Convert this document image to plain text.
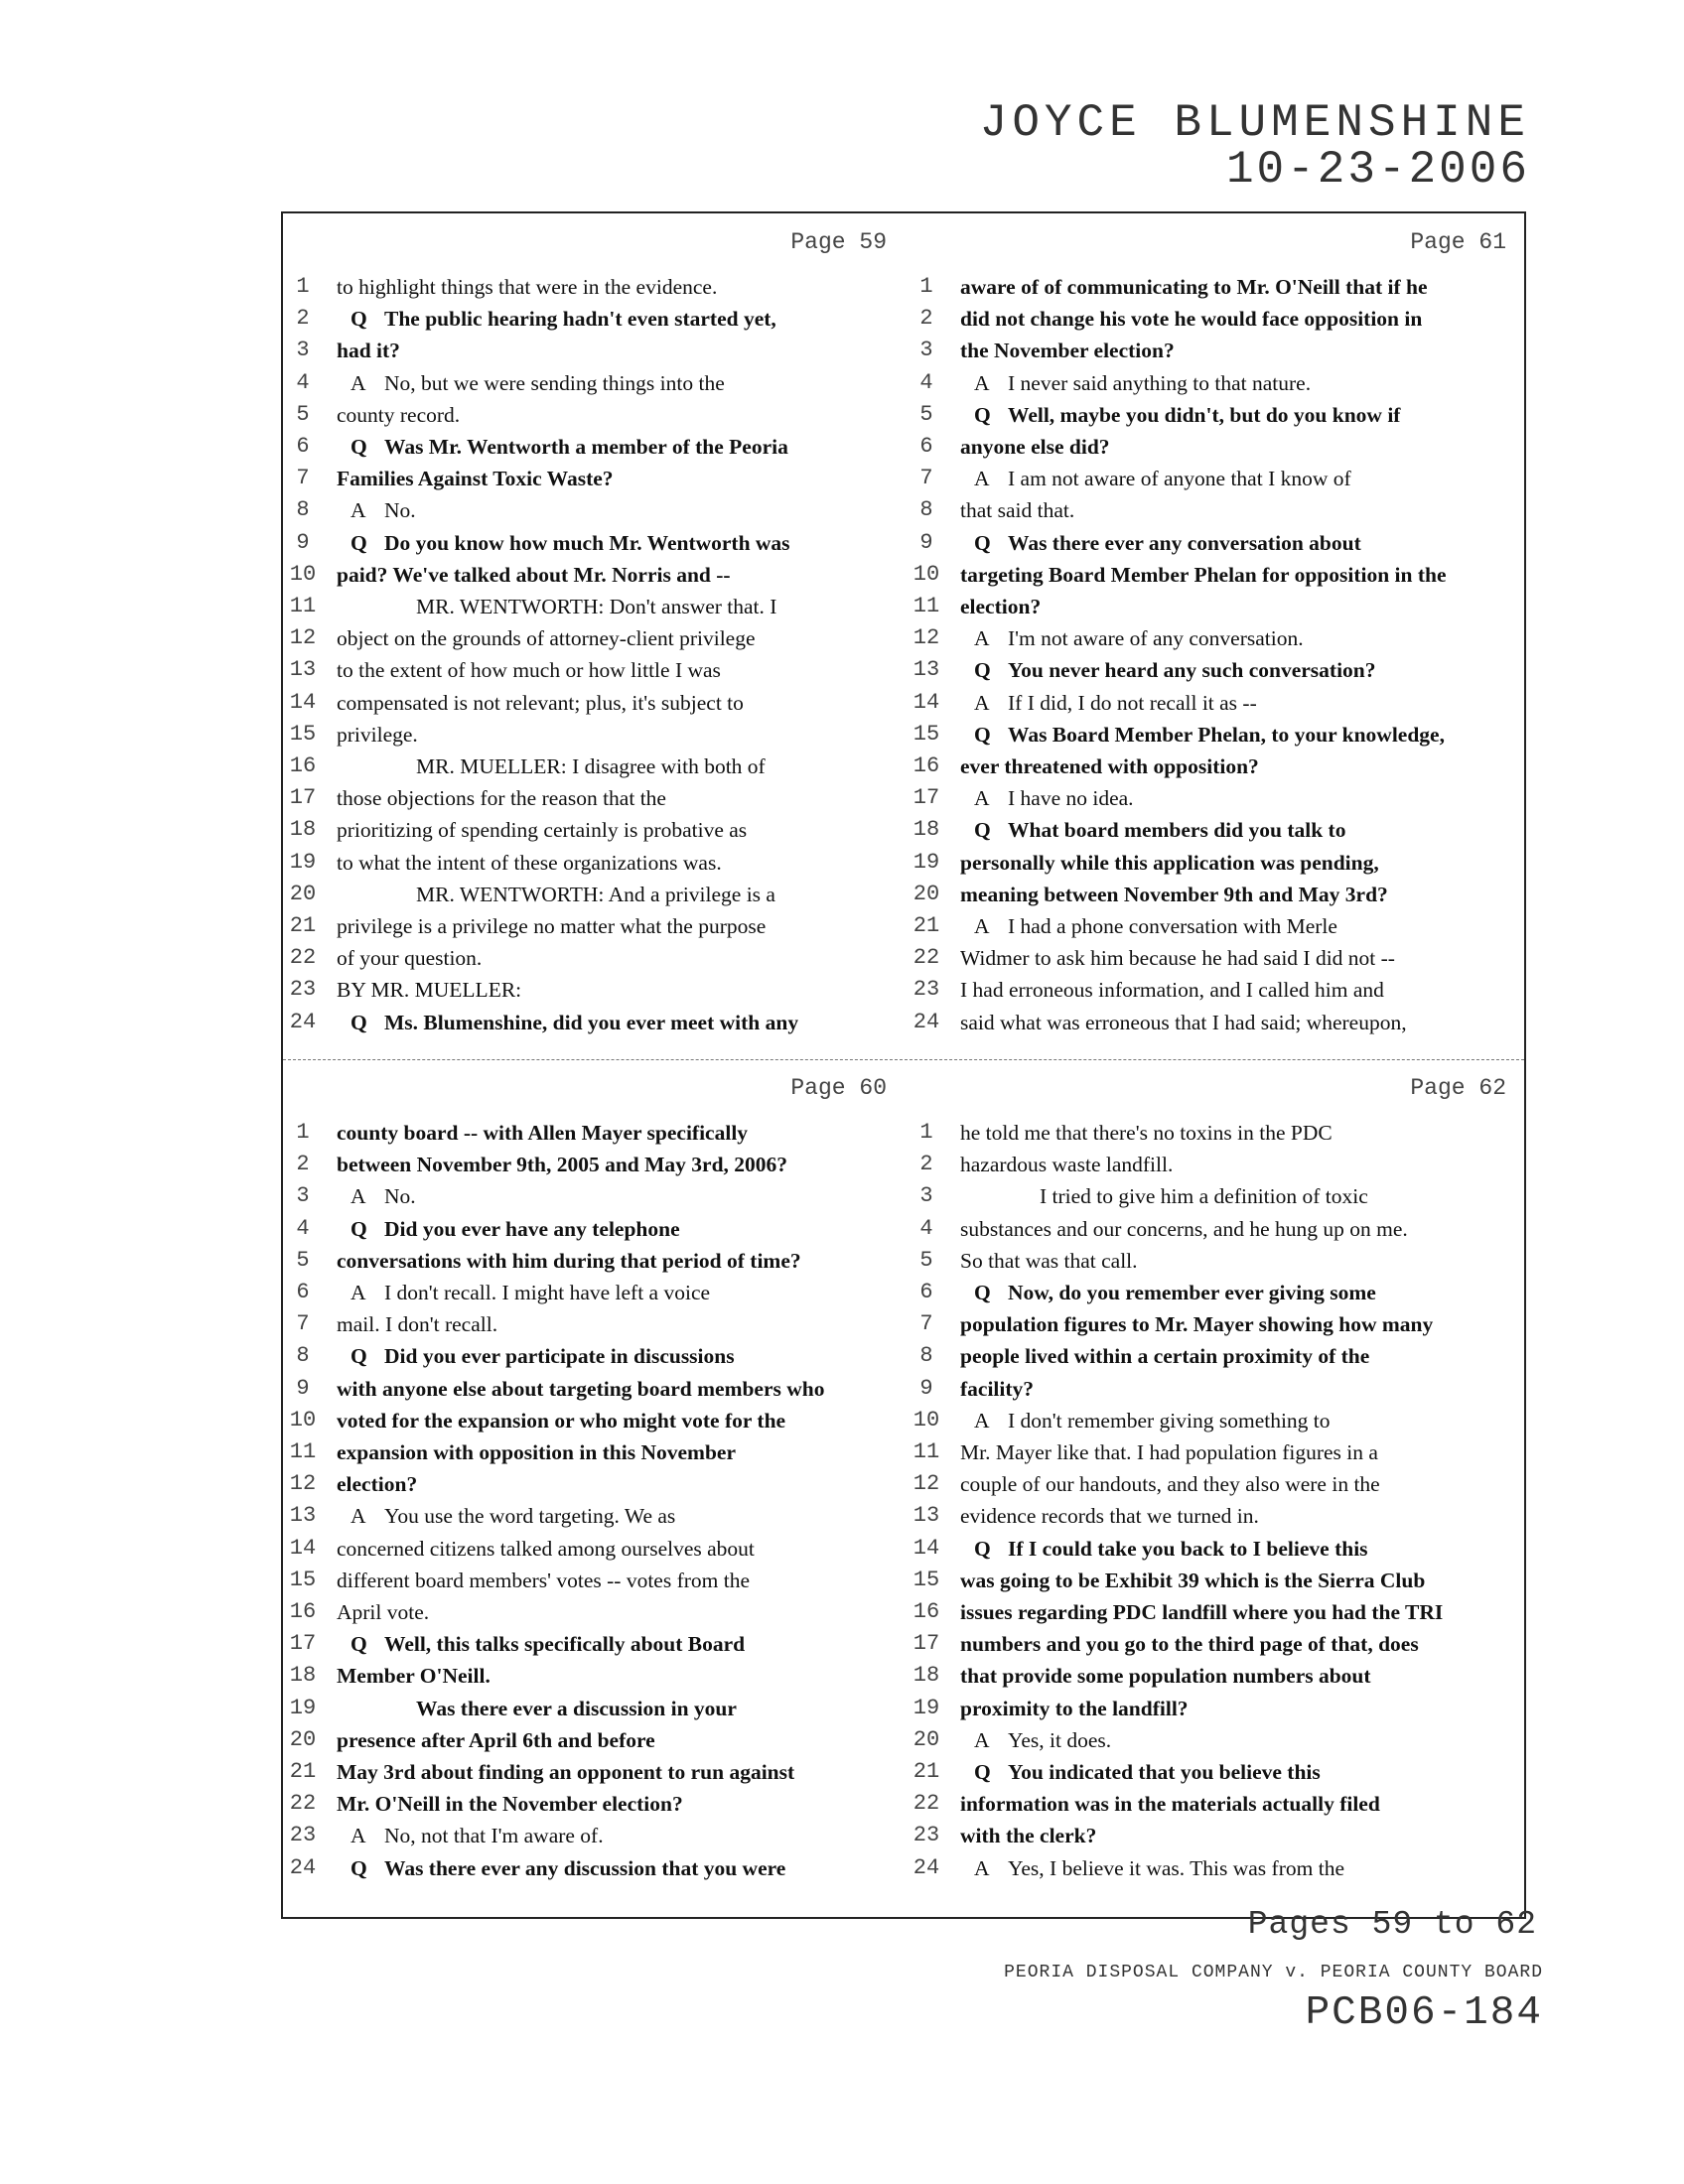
JOYCE BLUMENSHINE
10-23-2006
Page 59
1	to highlight things that were in the evidence.
2	Q The public hearing hadn't even started yet,
3	had it?
4	A No, but we were sending things into the
5	county record.
6	Q Was Mr. Wentworth a member of the Peoria
7	Families Against Toxic Waste?
8	A No.
9	Q Do you know how much Mr. Wentworth was
10 paid? We've talked about Mr. Norris and --
11	MR. WENTWORTH: Don't answer that. I
12 object on the grounds of attorney-client privilege
13 to the extent of how much or how little I was
14 compensated is not relevant; plus, it's subject to
15 privilege.
16	MR. MUELLER: I disagree with both of
17 those objections for the reason that the
18 prioritizing of spending certainly is probative as
19 to what the intent of these organizations was.
20	MR. WENTWORTH: And a privilege is a
21 privilege is a privilege no matter what the purpose
22 of your question.
23 BY MR. MUELLER:
24	Q Ms. Blumenshine, did you ever meet with any
Page 61
1	aware of of communicating to Mr. O'Neill that if he
2	did not change his vote he would face opposition in
3	the November election?
4	A I never said anything to that nature.
5	Q Well, maybe you didn't, but do you know if
6	anyone else did?
7	A I am not aware of anyone that I know of
8	that said that.
9	Q Was there ever any conversation about
10 targeting Board Member Phelan for opposition in the
11 election?
12	A I'm not aware of any conversation.
13	Q You never heard any such conversation?
14	A If I did, I do not recall it as --
15	Q Was Board Member Phelan, to your knowledge,
16 ever threatened with opposition?
17	A I have no idea.
18	Q What board members did you talk to
19 personally while this application was pending,
20 meaning between November 9th and May 3rd?
21	A I had a phone conversation with Merle
22 Widmer to ask him because he had said I did not --
23 I had erroneous information, and I called him and
24 said what was erroneous that I had said; whereupon,
Page 60
1	county board -- with Allen Mayer specifically
2	between November 9th, 2005 and May 3rd, 2006?
3	A No.
4	Q Did you ever have any telephone
5	conversations with him during that period of time?
6	A I don't recall. I might have left a voice
7	mail. I don't recall.
8	Q Did you ever participate in discussions
9	with anyone else about targeting board members who
10 voted for the expansion or who might vote for the
11 expansion with opposition in this November
12 election?
13	A You use the word targeting. We as
14 concerned citizens talked among ourselves about
15 different board members' votes -- votes from the
16 April vote.
17	Q Well, this talks specifically about Board
18 Member O'Neill.
19	Was there ever a discussion in your
20 presence after April 6th and before
21 May 3rd about finding an opponent to run against
22 Mr. O'Neill in the November election?
23	A No, not that I'm aware of.
24	Q Was there ever any discussion that you were
Page 62
1	he told me that there's no toxins in the PDC
2	hazardous waste landfill.
3	I tried to give him a definition of toxic
4	substances and our concerns, and he hung up on me.
5	So that was that call.
6	Q Now, do you remember ever giving some
7	population figures to Mr. Mayer showing how many
8	people lived within a certain proximity of the
9	facility?
10	A I don't remember giving something to
11 Mr. Mayer like that. I had population figures in a
12 couple of our handouts, and they also were in the
13 evidence records that we turned in.
14	Q If I could take you back to I believe this
15 was going to be Exhibit 39 which is the Sierra Club
16 issues regarding PDC landfill where you had the TRI
17 numbers and you go to the third page of that, does
18 that provide some population numbers about
19 proximity to the landfill?
20	A Yes, it does.
21	Q You indicated that you believe this
22 information was in the materials actually filed
23 with the clerk?
24	A Yes, I believe it was. This was from the
Pages 59 to 62
PEORIA DISPOSAL COMPANY v. PEORIA COUNTY BOARD
PCB06-184
